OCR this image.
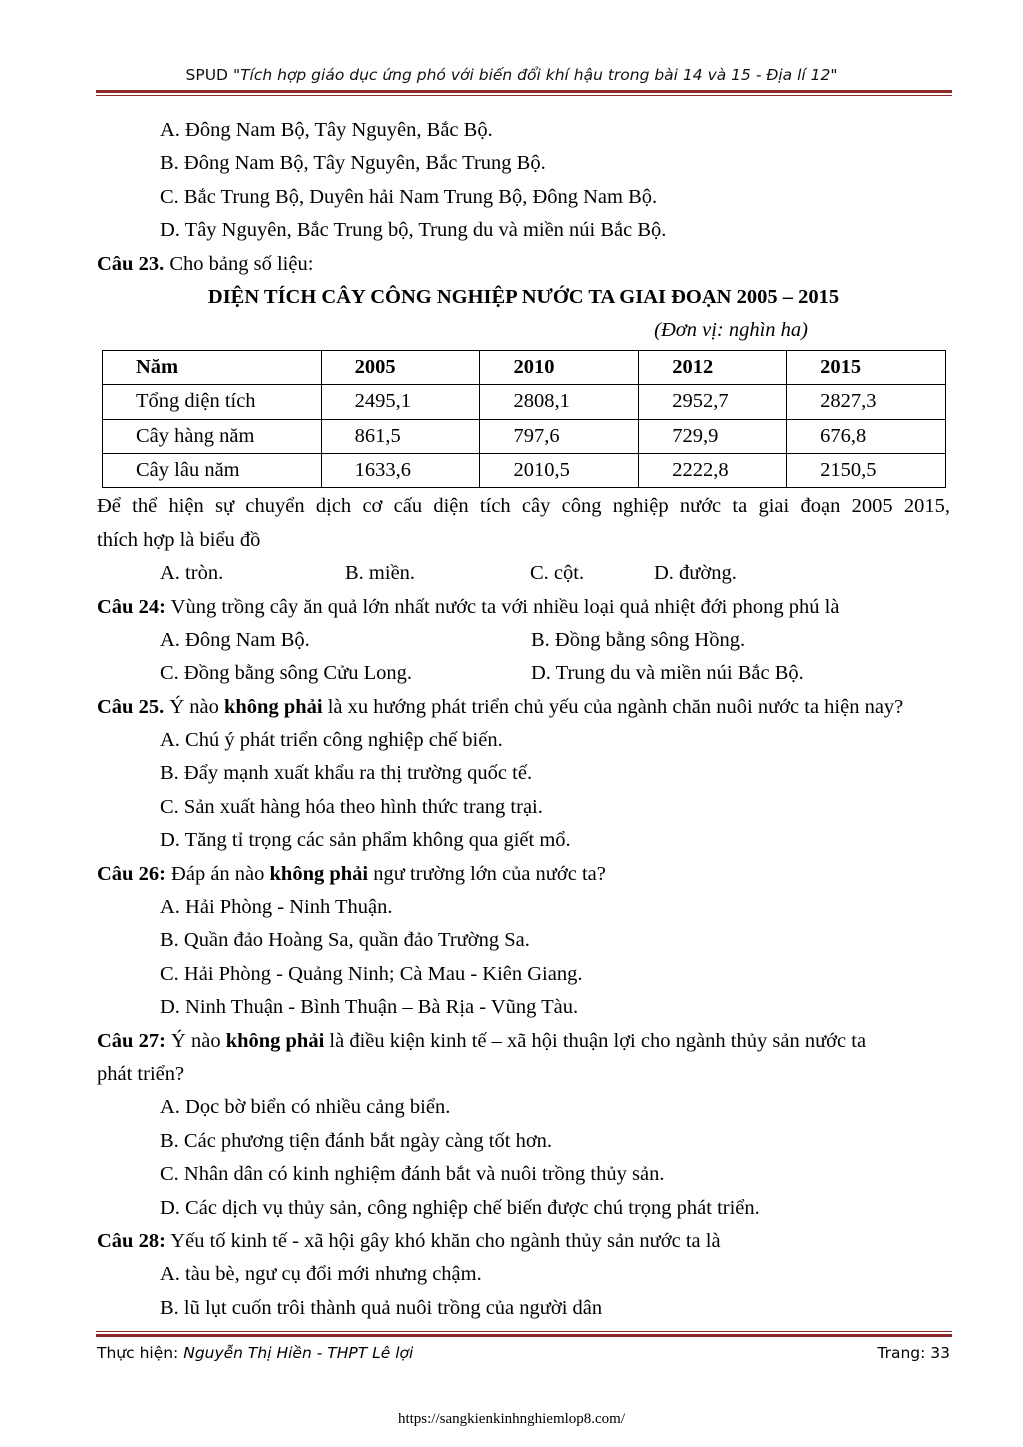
SPUD "Tích hợp giáo dục ứng phó với biến đổi khí hậu trong bài 14 và 15 - Địa lí 12"
A. Đông Nam Bộ, Tây Nguyên, Bắc Bộ.
B. Đông Nam Bộ, Tây Nguyên, Bắc Trung Bộ.
C. Bắc Trung Bộ, Duyên hải Nam Trung Bộ, Đông Nam Bộ.
D. Tây Nguyên, Bắc Trung bộ, Trung du và miền núi Bắc Bộ.
Câu 23. Cho bảng số liệu:
DIỆN TÍCH CÂY CÔNG NGHIỆP NƯỚC TA GIAI ĐOẠN 2005 – 2015
(Đơn vị: nghìn ha)
Năm	2005	2010	2012	2015
Tổng diện tích	2495,1	2808,1	2952,7	2827,3
Cây hàng năm	861,5	797,6	729,9	676,8
Cây lâu năm	1633,6	2010,5	2222,8	2150,5
Để thể hiện sự chuyển dịch cơ cấu diện tích cây công nghiệp nước ta giai đoạn 2005 2015,
thích hợp là biểu đồ
A. tròn.	B. miền.	C. cột.	D. đường.
Câu 24: Vùng trồng cây ăn quả lớn nhất nước ta với nhiều loại quả nhiệt đới phong phú là
A. Đông Nam Bộ.	B. Đồng bằng sông Hồng.
C. Đồng bằng sông Cửu Long.	D. Trung du và miền núi Bắc Bộ.
Câu 25. Ý nào không phải là xu hướng phát triển chủ yếu của ngành chăn nuôi nước ta hiện nay?
A. Chú ý phát triển công nghiệp chế biến.
B. Đẩy mạnh xuất khẩu ra thị trường quốc tế.
C. Sản xuất hàng hóa theo hình thức trang trại.
D. Tăng tỉ trọng các sản phẩm không qua giết mổ.
Câu 26: Đáp án nào không phải ngư trường lớn của nước ta?
A. Hải Phòng - Ninh Thuận.
B. Quần đảo Hoàng Sa, quần đảo Trường Sa.
C. Hải Phòng - Quảng Ninh; Cà Mau - Kiên Giang.
D. Ninh Thuận - Bình Thuận – Bà Rịa - Vũng Tàu.
Câu 27: Ý nào không phải là điều kiện kinh tế – xã hội thuận lợi cho ngành thủy sản nước ta
phát triển?
A. Dọc bờ biển có nhiều cảng biển.
B. Các phương tiện đánh bắt ngày càng tốt hơn.
C. Nhân dân có kinh nghiệm đánh bắt và nuôi trồng thủy sản.
D. Các dịch vụ thủy sản, công nghiệp chế biến được chú trọng phát triển.
Câu 28: Yếu tố kinh tế - xã hội gây khó khăn cho ngành thủy sản nước ta là
A. tàu bè, ngư cụ đổi mới nhưng chậm.
B. lũ lụt cuốn trôi thành quả nuôi trồng của người dân
Thực hiện: Nguyễn Thị Hiền - THPT Lê lợi	Trang: 33
https://sangkienkinhnghiemlop8.com/
